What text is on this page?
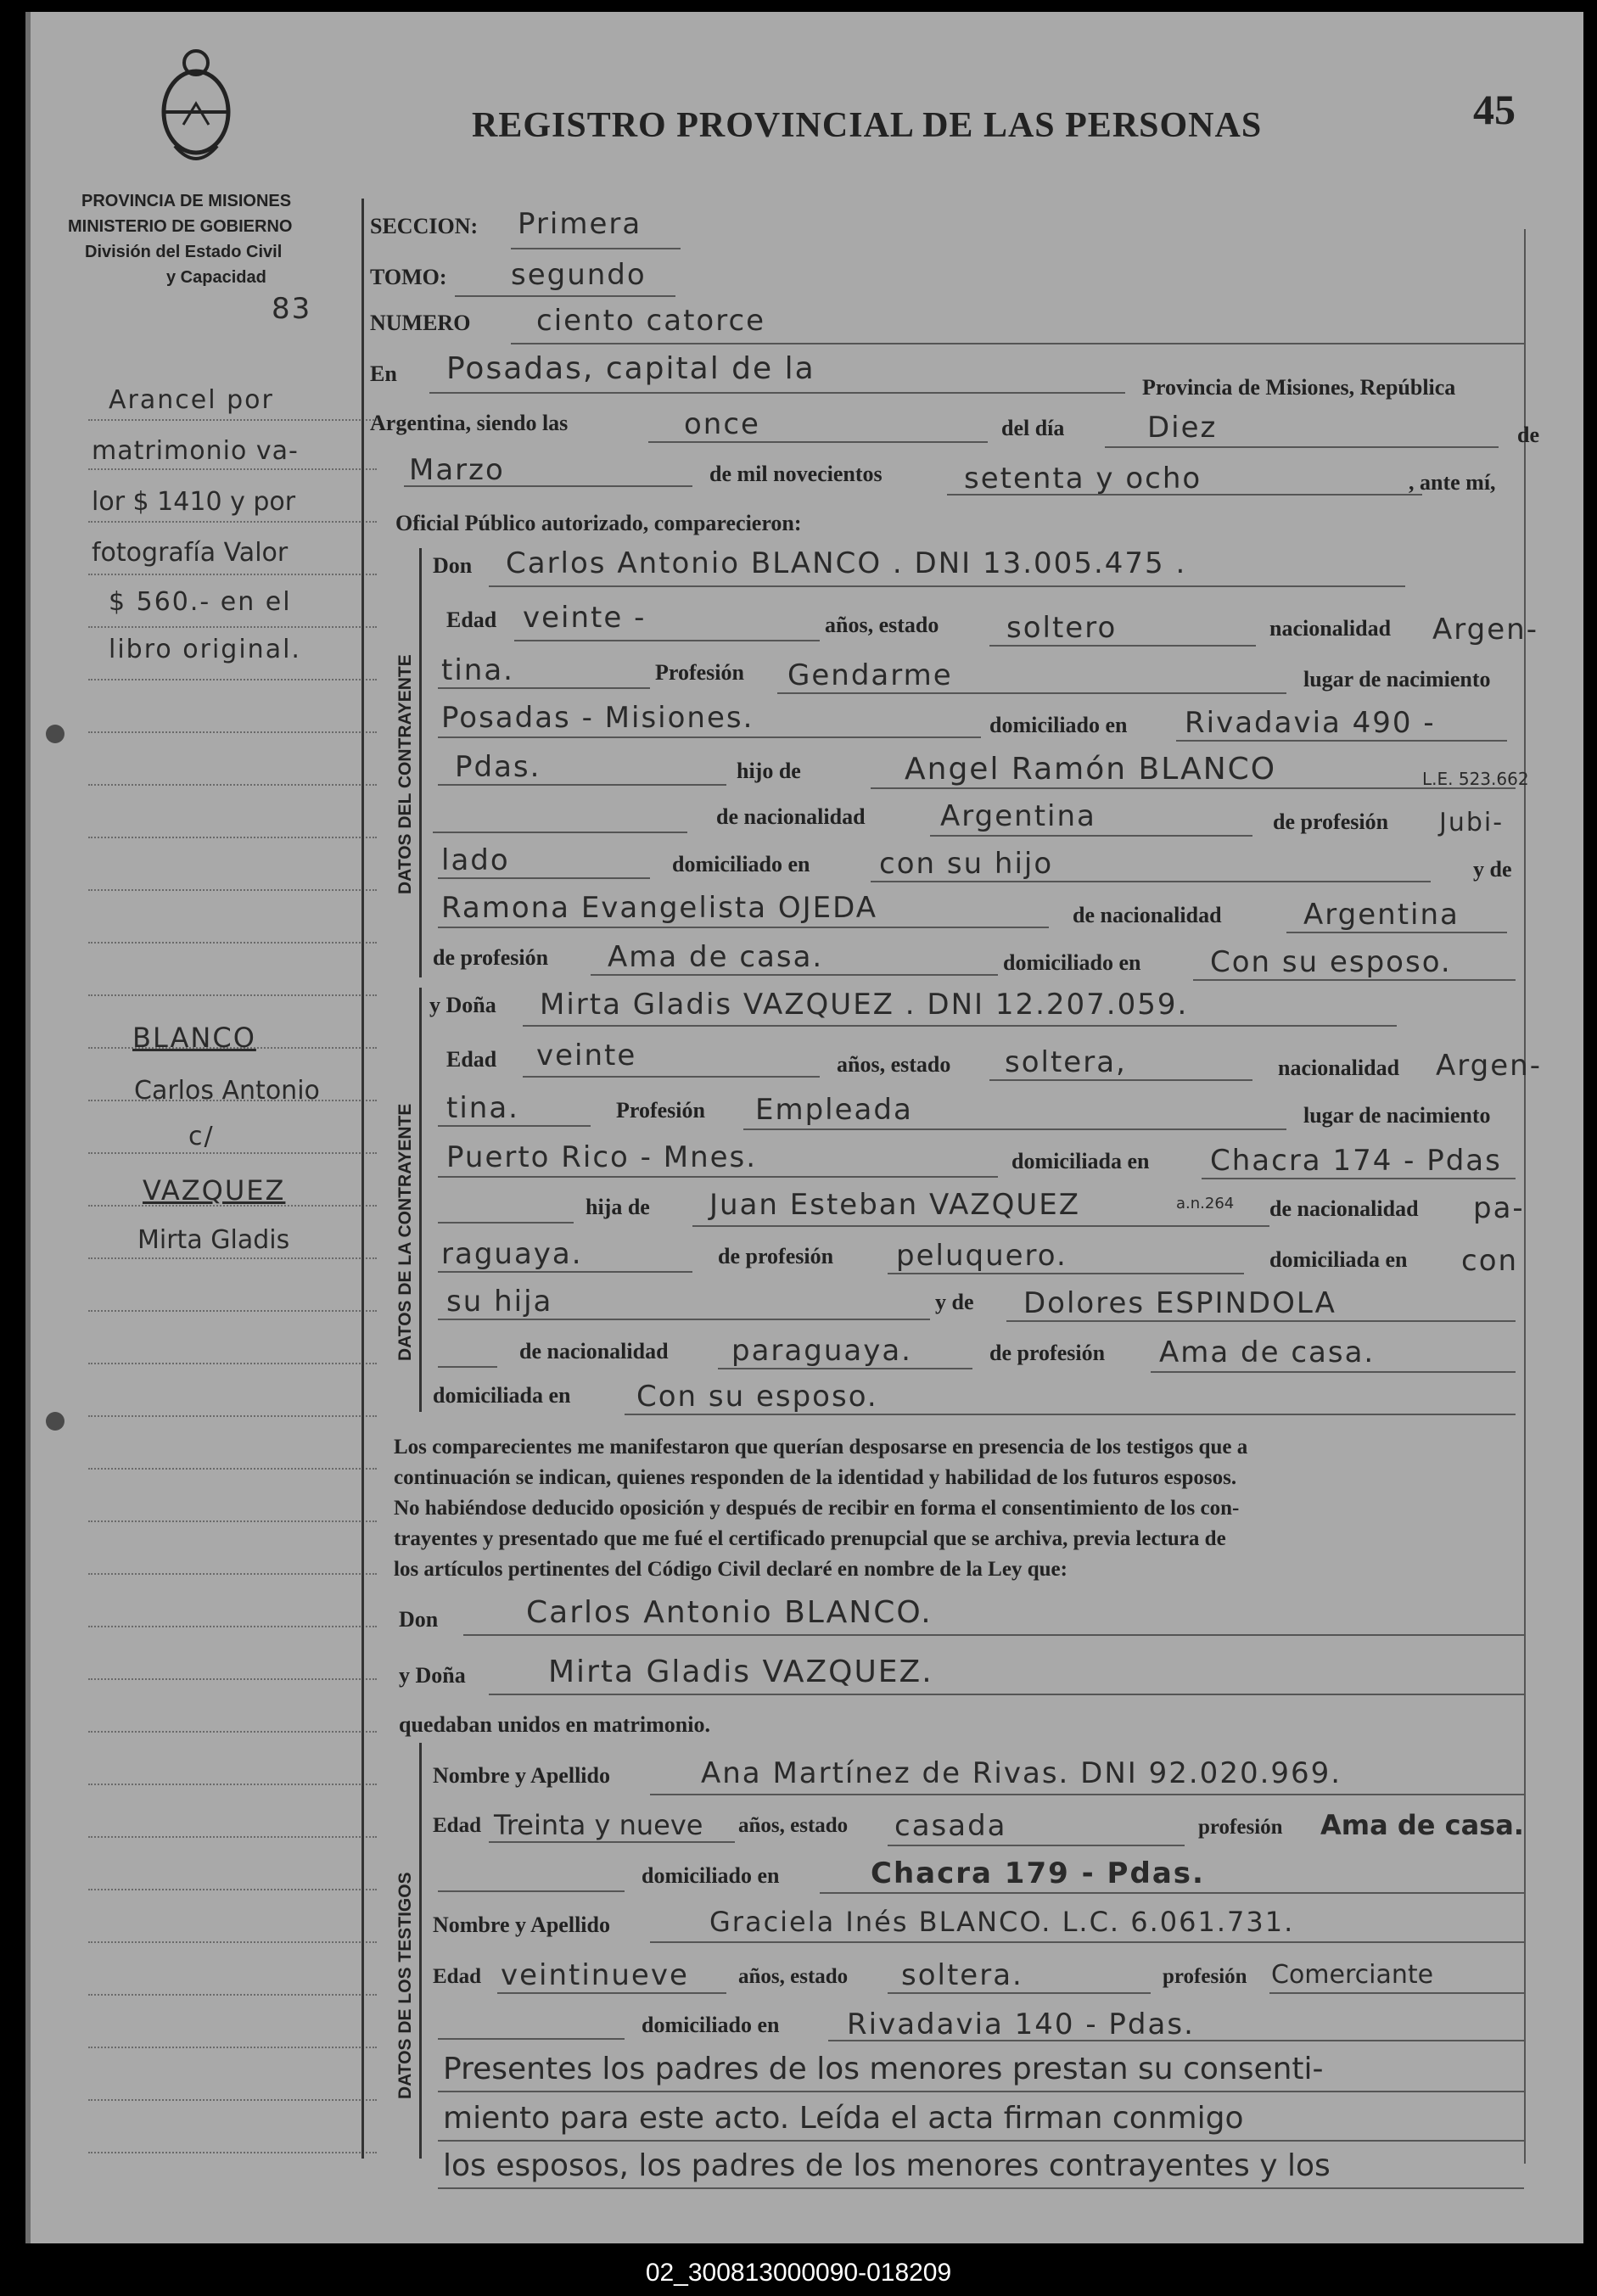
PROVINCIA DE MISIONES
MINISTERIO DE GOBIERNO
División del Estado Civil
y Capacidad
83
REGISTRO PROVINCIAL DE LAS PERSONAS	45
Arancel por
matrimonio va-
lor $ 1410 y por
fotografía Valor
$ 560.- en el
libro original.
BLANCO
Carlos Antonio
c/
VAZQUEZ
Mirta Gladis
SECCION: Primera
TOMO: segundo
NUMERO ciento catorce
En Posadas, capital de la
Provincia de Misiones, República
Argentina, siendo las	once	del día	Diez	de
Marzo	de mil novecientos	setenta y ocho	, ante mí,
Oficial Público autorizado, comparecieron:
DATOS DEL CONTRAYENTE
Don Carlos Antonio BLANCO . DNI 13.005.475 .
Edad veinte -	años, estado soltero	nacionalidad Argen-
tina.	Profesión Gendarme	lugar de nacimiento
Posadas - Misiones.	domiciliado en Rivadavia 490 -
Pdas.	hijo de	Angel Ramón BLANCO	L.E. 523.662
de nacionalidad	Argentina	de profesión Jubi-
lado	domiciliado en con su hijo	y de
Ramona Evangelista OJEDA	de nacionalidad	Argentina
de profesión Ama de casa.	domiciliado en Con su esposo.
DATOS DE LA CONTRAYENTE
y Doña Mirta Gladis VAZQUEZ . DNI 12.207.059.
Edad veinte	años, estado soltera,	nacionalidad Argen-
tina.	Profesión Empleada	lugar de nacimiento
Puerto Rico - Mnes.	domiciliada en Chacra 174 - Pdas
hija de Juan Esteban VAZQUEZ	a.n.264 de nacionalidad pa-
raguaya.	de profesión peluquero.	domiciliada en con
su hija	y de Dolores ESPINDOLA
de nacionalidad paraguaya.	de profesión Ama de casa.
domiciliada en Con su esposo.
Los comparecientes me manifestaron que querían desposarse en presencia de los testigos que a
continuación se indican, quienes responden de la identidad y habilidad de los futuros esposos.
No habiéndose deducido oposición y después de recibir en forma el consentimiento de los con-
trayentes y presentado que me fué el certificado prenupcial que se archiva, previa lectura de
los artículos pertinentes del Código Civil declaré en nombre de la Ley que:
Don	Carlos Antonio BLANCO.
y Doña	Mirta Gladis VAZQUEZ.
quedaban unidos en matrimonio.
DATOS DE LOS TESTIGOS
Nombre y Apellido	Ana Martínez de Rivas. DNI 92.020.969.
Edad Treinta y nueve años, estado casada	profesión Ama de casa.
domiciliado en	Chacra 179 - Pdas.
Nombre y Apellido	Graciela Inés BLANCO. L.C. 6.061.731.
Edad veintinueve años, estado soltera.	profesión Comerciante
domiciliado en Rivadavia 140 - Pdas.
Presentes los padres de los menores prestan su consenti-
miento para este acto. Leída el acta firman conmigo
los esposos, los padres de los menores contrayentes y los
02_300813000090-018209
